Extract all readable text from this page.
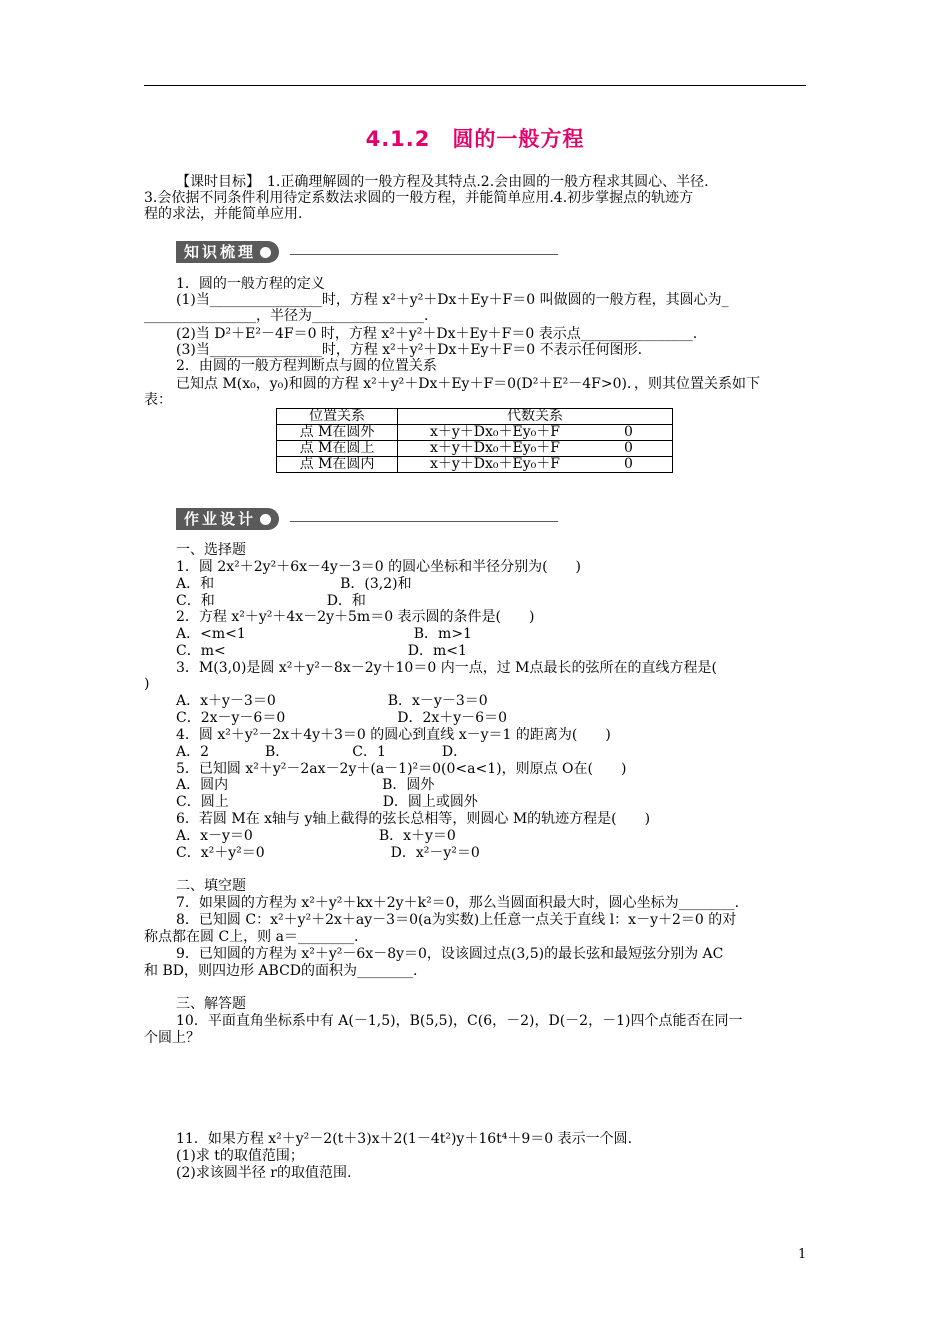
4.1.2　圆的一般方程
【课时目标】　1.正确理解圆的一般方程及其特点.2.会由圆的一般方程求其圆心、半径.
3.会依据不同条件利用待定系数法求圆的一般方程，并能简单应用.4.初步掌握点的轨迹方
程的求法，并能简单应用.
知识梳理
1．圆的一般方程的定义
(1)当________________时，方程 x²＋y²＋Dx＋Ey＋F＝0 叫做圆的一般方程，其圆心为_
________________，半径为________________.
(2)当 D²＋E²－4F＝0 时，方程 x²＋y²＋Dx＋Ey＋F＝0 表示点________________.
(3)当________________时，方程 x²＋y²＋Dx＋Ey＋F＝0 不表示任何图形.
2．由圆的一般方程判断点与圆的位置关系
已知点 M(x₀，y₀)和圆的方程 x²＋y²＋Dx＋Ey＋F＝0(D²＋E²－4F>0)．，则其位置关系如下
表：
位置关系	代数关系
点 M在圆外	x＋y＋Dx₀＋Ey₀＋F 0

点 M在圆上	x＋y＋Dx₀＋Ey₀＋F 0

点 M在圆内	x＋y＋Dx₀＋Ey₀＋F 0
作业设计
一、选择题
1．圆 2x²＋2y²＋6x－4y－3＝0 的圆心坐标和半径分别为(　　)
A．和　　　　　　　　　B．(3,2)和
C．和　　　　　　　　D．和
2．方程 x²＋y²＋4x－2y＋5m＝0 表示圆的条件是(　　)
A．<m<1　　　　　　　　　　　　B．m>1
C．m<　　　　　　　　　　　　　D．m<1
3．M(3,0)是圆 x²＋y²－8x－2y＋10＝0 内一点，过 M点最长的弦所在的直线方程是(
)
A．x＋y－3＝0　　　　　　　　B．x－y－3＝0
C．2x－y－6＝0　　　　　　　　D．2x＋y－6＝0
4．圆 x²＋y²－2x＋4y＋3＝0 的圆心到直线 x－y＝1 的距离为(　　)
A．2　　　　B．　　　　　C．1　　　　D．
5．已知圆 x²＋y²－2ax－2y＋(a－1)²＝0(0<a<1)，则原点 O在(　　)
A．圆内　　　　　　　　　　　B．圆外
C．圆上　　　　　　　　　　　D．圆上或圆外
6．若圆 M在 x轴与 y轴上截得的弦长总相等，则圆心 M的轨迹方程是(　　)
A．x－y＝0　　　　　　　　　B．x＋y＝0
C．x²＋y²＝0　　　　　　　　　D．x²－y²＝0
二、填空题
7．如果圆的方程为 x²＋y²＋kx＋2y＋k²＝0，那么当圆面积最大时，圆心坐标为________.
8．已知圆 C：x²＋y²＋2x＋ay－3＝0(a为实数)上任意一点关于直线 l：x－y＋2＝0 的对
称点都在圆 C上，则 a＝________.
9．已知圆的方程为 x²＋y²－6x－8y＝0，设该圆过点(3,5)的最长弦和最短弦分别为 AC
和 BD，则四边形 ABCD的面积为________.
三、解答题
10．平面直角坐标系中有 A(－1,5)，B(5,5)，C(6，－2)，D(－2，－1)四个点能否在同一
个圆上？
11．如果方程 x²＋y²－2(t＋3)x＋2(1－4t²)y＋16t⁴＋9＝0 表示一个圆.
(1)求 t的取值范围；
(2)求该圆半径 r的取值范围.
1
